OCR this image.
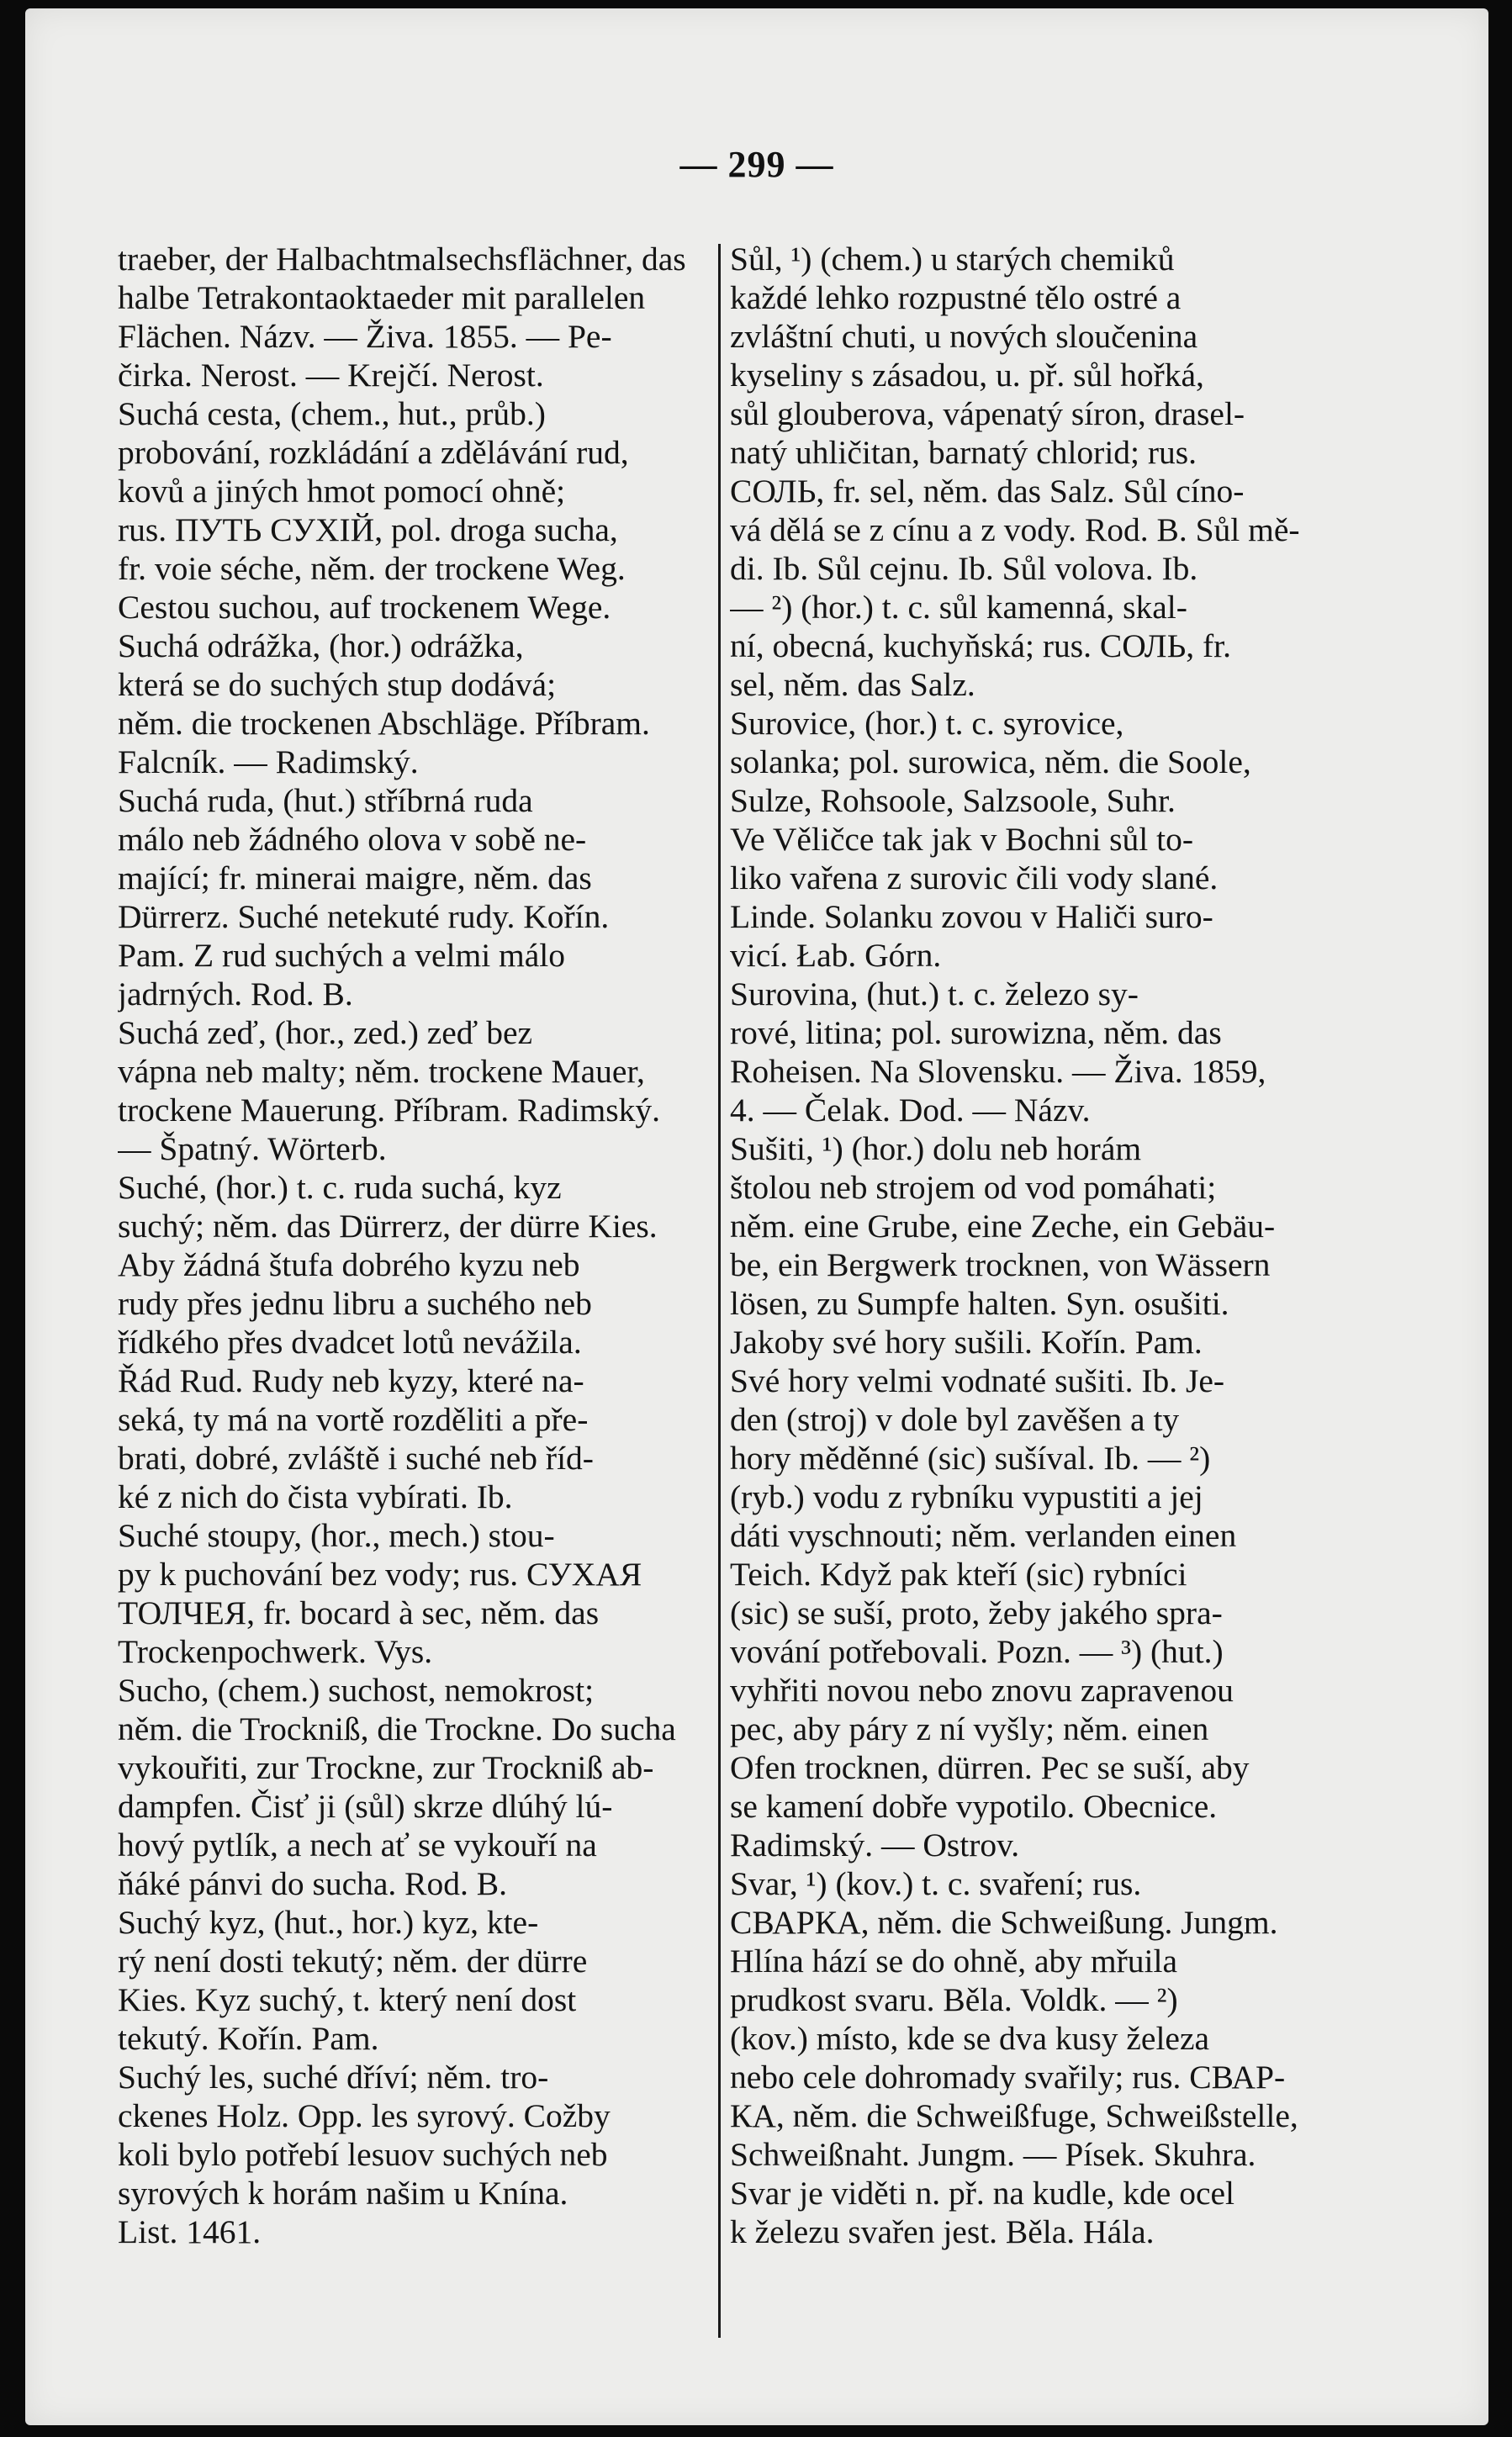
— 299 —
traeber, der Halbachtmalsechsflächner, das
halbe Tetrakontaoktaeder mit parallelen
Flächen. Názv. — Živa. 1855. — Pe-
čirka. Nerost. — Krejčí. Nerost.
Suchá cesta, (chem., hut., průb.)
probování, rozkládání a zdělávání rud,
kovů a jiných hmot pomocí ohně;
rus. ПУТЬ СУХІЙ, pol. droga sucha,
fr. voie séche, něm. der trockene Weg.
Cestou suchou, auf trockenem Wege.
Suchá odrážka, (hor.) odrážka,
která se do suchých stup dodává;
něm. die trockenen Abschläge. Příbram.
Falcník. — Radimský.
Suchá ruda, (hut.) stříbrná ruda
málo neb žádného olova v sobě ne-
mající; fr. minerai maigre, něm. das
Dürrerz. Suché netekuté rudy. Kořín.
Pam. Z rud suchých a velmi málo
jadrných. Rod. B.
Suchá zeď, (hor., zed.) zeď bez
vápna neb malty; něm. trockene Mauer,
trockene Mauerung. Příbram. Radimský.
— Špatný. Wörterb.
Suché, (hor.) t. c. ruda suchá, kyz
suchý; něm. das Dürrerz, der dürre Kies.
Aby žádná štufa dobrého kyzu neb
rudy přes jednu libru a suchého neb
řídkého přes dvadcet lotů nevážila.
Řád Rud. Rudy neb kyzy, které na-
seká, ty má na vortě rozděliti a pře-
brati, dobré, zvláště i suché neb říd-
ké z nich do čista vybírati. Ib.
Suché stoupy, (hor., mech.) stou-
py k puchování bez vody; rus. СУХАЯ
ТОЛЧЕЯ, fr. bocard à sec, něm. das
Trockenpochwerk. Vys.
Sucho, (chem.) suchost, nemokrost;
něm. die Trockniß, die Trockne. Do sucha
vykouřiti, zur Trockne, zur Trockniß ab-
dampfen. Čisť ji (sůl) skrze dlúhý lú-
hový pytlík, a nech ať se vykouří na
ňáké pánvi do sucha. Rod. B.
Suchý kyz, (hut., hor.) kyz, kte-
rý není dosti tekutý; něm. der dürre
Kies. Kyz suchý, t. který není dost
tekutý. Kořín. Pam.
Suchý les, suché dříví; něm. tro-
ckenes Holz. Opp. les syrový. Cožby
koli bylo potřebí lesuov suchých neb
syrových k horám našim u Knína.
List. 1461.
Sůl, ¹) (chem.) u starých chemiků
každé lehko rozpustné tělo ostré a
zvláštní chuti, u nových sloučenina
kyseliny s zásadou, u. př. sůl hořká,
sůl glouberova, vápenatý síron, drasel-
natý uhličitan, barnatý chlorid; rus.
СОЛЬ, fr. sel, něm. das Salz. Sůl cíno-
vá dělá se z cínu a z vody. Rod. B. Sůl mě-
di. Ib. Sůl cejnu. Ib. Sůl volova. Ib.
— ²) (hor.) t. c. sůl kamenná, skal-
ní, obecná, kuchyňská; rus. СОЛЬ, fr.
sel, něm. das Salz.
Surovice, (hor.) t. c. syrovice,
solanka; pol. surowica, něm. die Soole,
Sulze, Rohsoole, Salzsoole, Suhr.
Ve Věličce tak jak v Bochni sůl to-
liko vařena z surovic čili vody slané.
Linde. Solanku zovou v Haliči suro-
vicí. Łab. Górn.
Surovina, (hut.) t. c. železo sy-
rové, litina; pol. surowizna, něm. das
Roheisen. Na Slovensku. — Živa. 1859,
4. — Čelak. Dod. — Názv.
Sušiti, ¹) (hor.) dolu neb horám
štolou neb strojem od vod pomáhati;
něm. eine Grube, eine Zeche, ein Gebäu-
be, ein Bergwerk trocknen, von Wässern
lösen, zu Sumpfe halten. Syn. osušiti.
Jakoby své hory sušili. Kořín. Pam.
Své hory velmi vodnaté sušiti. Ib. Je-
den (stroj) v dole byl zavěšen a ty
hory měděnné (sic) sušíval. Ib. — ²)
(ryb.) vodu z rybníku vypustiti a jej
dáti vyschnouti; něm. verlanden einen
Teich. Když pak kteří (sic) rybníci
(sic) se suší, proto, žeby jakého spra-
vování potřebovali. Pozn. — ³) (hut.)
vyhřiti novou nebo znovu zapravenou
pec, aby páry z ní vyšly; něm. einen
Ofen trocknen, dürren. Pec se suší, aby
se kamení dobře vypotilo. Obecnice.
Radimský. — Ostrov.
Svar, ¹) (kov.) t. c. svaření; rus.
СВАРКА, něm. die Schweißung. Jungm.
Hlína hází se do ohně, aby mřuila
prudkost svaru. Běla. Voldk. — ²)
(kov.) místo, kde se dva kusy železa
nebo cele dohromady svařily; rus. СВАР-
КА, něm. die Schweißfuge, Schweißstelle,
Schweißnaht. Jungm. — Písek. Skuhra.
Svar je viděti n. př. na kudle, kde ocel
k železu svařen jest. Běla. Hála.
